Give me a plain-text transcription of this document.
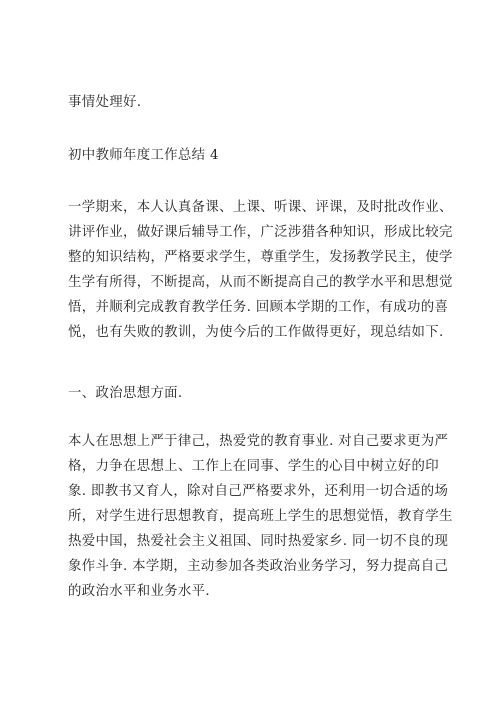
事情处理好.
初中教师年度工作总结 4
一学期来，本人认真备课、上课、听课、评课，及时批改作业、
讲评作业，做好课后辅导工作，广泛涉猎各种知识，形成比较完
整的知识结构，严格要求学生，尊重学生，发扬教学民主，使学
生学有所得，不断提高，从而不断提高自己的教学水平和思想觉
悟，并顺利完成教育教学任务. 回顾本学期的工作，有成功的喜
悦，也有失败的教训，为使今后的工作做得更好，现总结如下.
一、政治思想方面.
本人在思想上严于律己，热爱党的教育事业. 对自己要求更为严
格，力争在思想上、工作上在同事、学生的心目中树立好的印
象. 即教书又育人，除对自己严格要求外，还利用一切合适的场
所，对学生进行思想教育，提高班上学生的思想觉悟，教育学生
热爱中国，热爱社会主义祖国、同时热爱家乡. 同一切不良的现
象作斗争. 本学期，主动参加各类政治业务学习，努力提高自己
的政治水平和业务水平.
